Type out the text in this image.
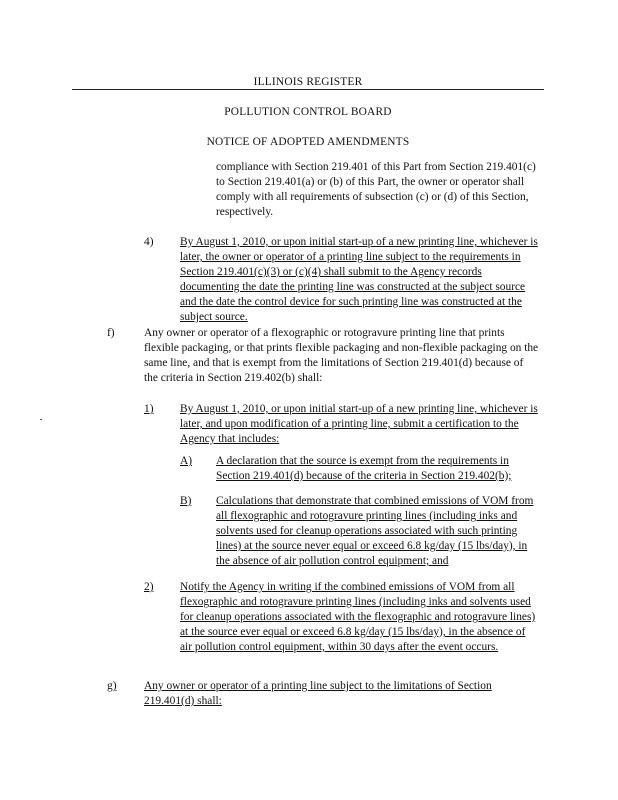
ILLINOIS REGISTER
POLLUTION CONTROL BOARD
NOTICE OF ADOPTED AMENDMENTS
compliance with Section 219.401 of this Part from Section 219.401(c) to Section 219.401(a) or (b) of this Part, the owner or operator shall comply with all requirements of subsection (c) or (d) of this Section, respectively.
4) By August 1, 2010, or upon initial start-up of a new printing line, whichever is later, the owner or operator of a printing line subject to the requirements in Section 219.401(c)(3) or (c)(4) shall submit to the Agency records documenting the date the printing line was constructed at the subject source and the date the control device for such printing line was constructed at the subject source.
f)	Any owner or operator of a flexographic or rotogravure printing line that prints flexible packaging, or that prints flexible packaging and non-flexible packaging on the same line, and that is exempt from the limitations of Section 219.401(d) because of the criteria in Section 219.402(b) shall:
1) By August 1, 2010, or upon initial start-up of a new printing line, whichever is later, and upon modification of a printing line, submit a certification to the Agency that includes:
A) A declaration that the source is exempt from the requirements in Section 219.401(d) because of the criteria in Section 219.402(b);
B) Calculations that demonstrate that combined emissions of VOM from all flexographic and rotogravure printing lines (including inks and solvents used for cleanup operations associated with such printing lines) at the source never equal or exceed 6.8 kg/day (15 lbs/day), in the absence of air pollution control equipment; and
2) Notify the Agency in writing if the combined emissions of VOM from all flexographic and rotogravure printing lines (including inks and solvents used for cleanup operations associated with the flexographic and rotogravure lines) at the source ever equal or exceed 6.8 kg/day (15 lbs/day), in the absence of air pollution control equipment, within 30 days after the event occurs.
g) Any owner or operator of a printing line subject to the limitations of Section 219.401(d) shall:
